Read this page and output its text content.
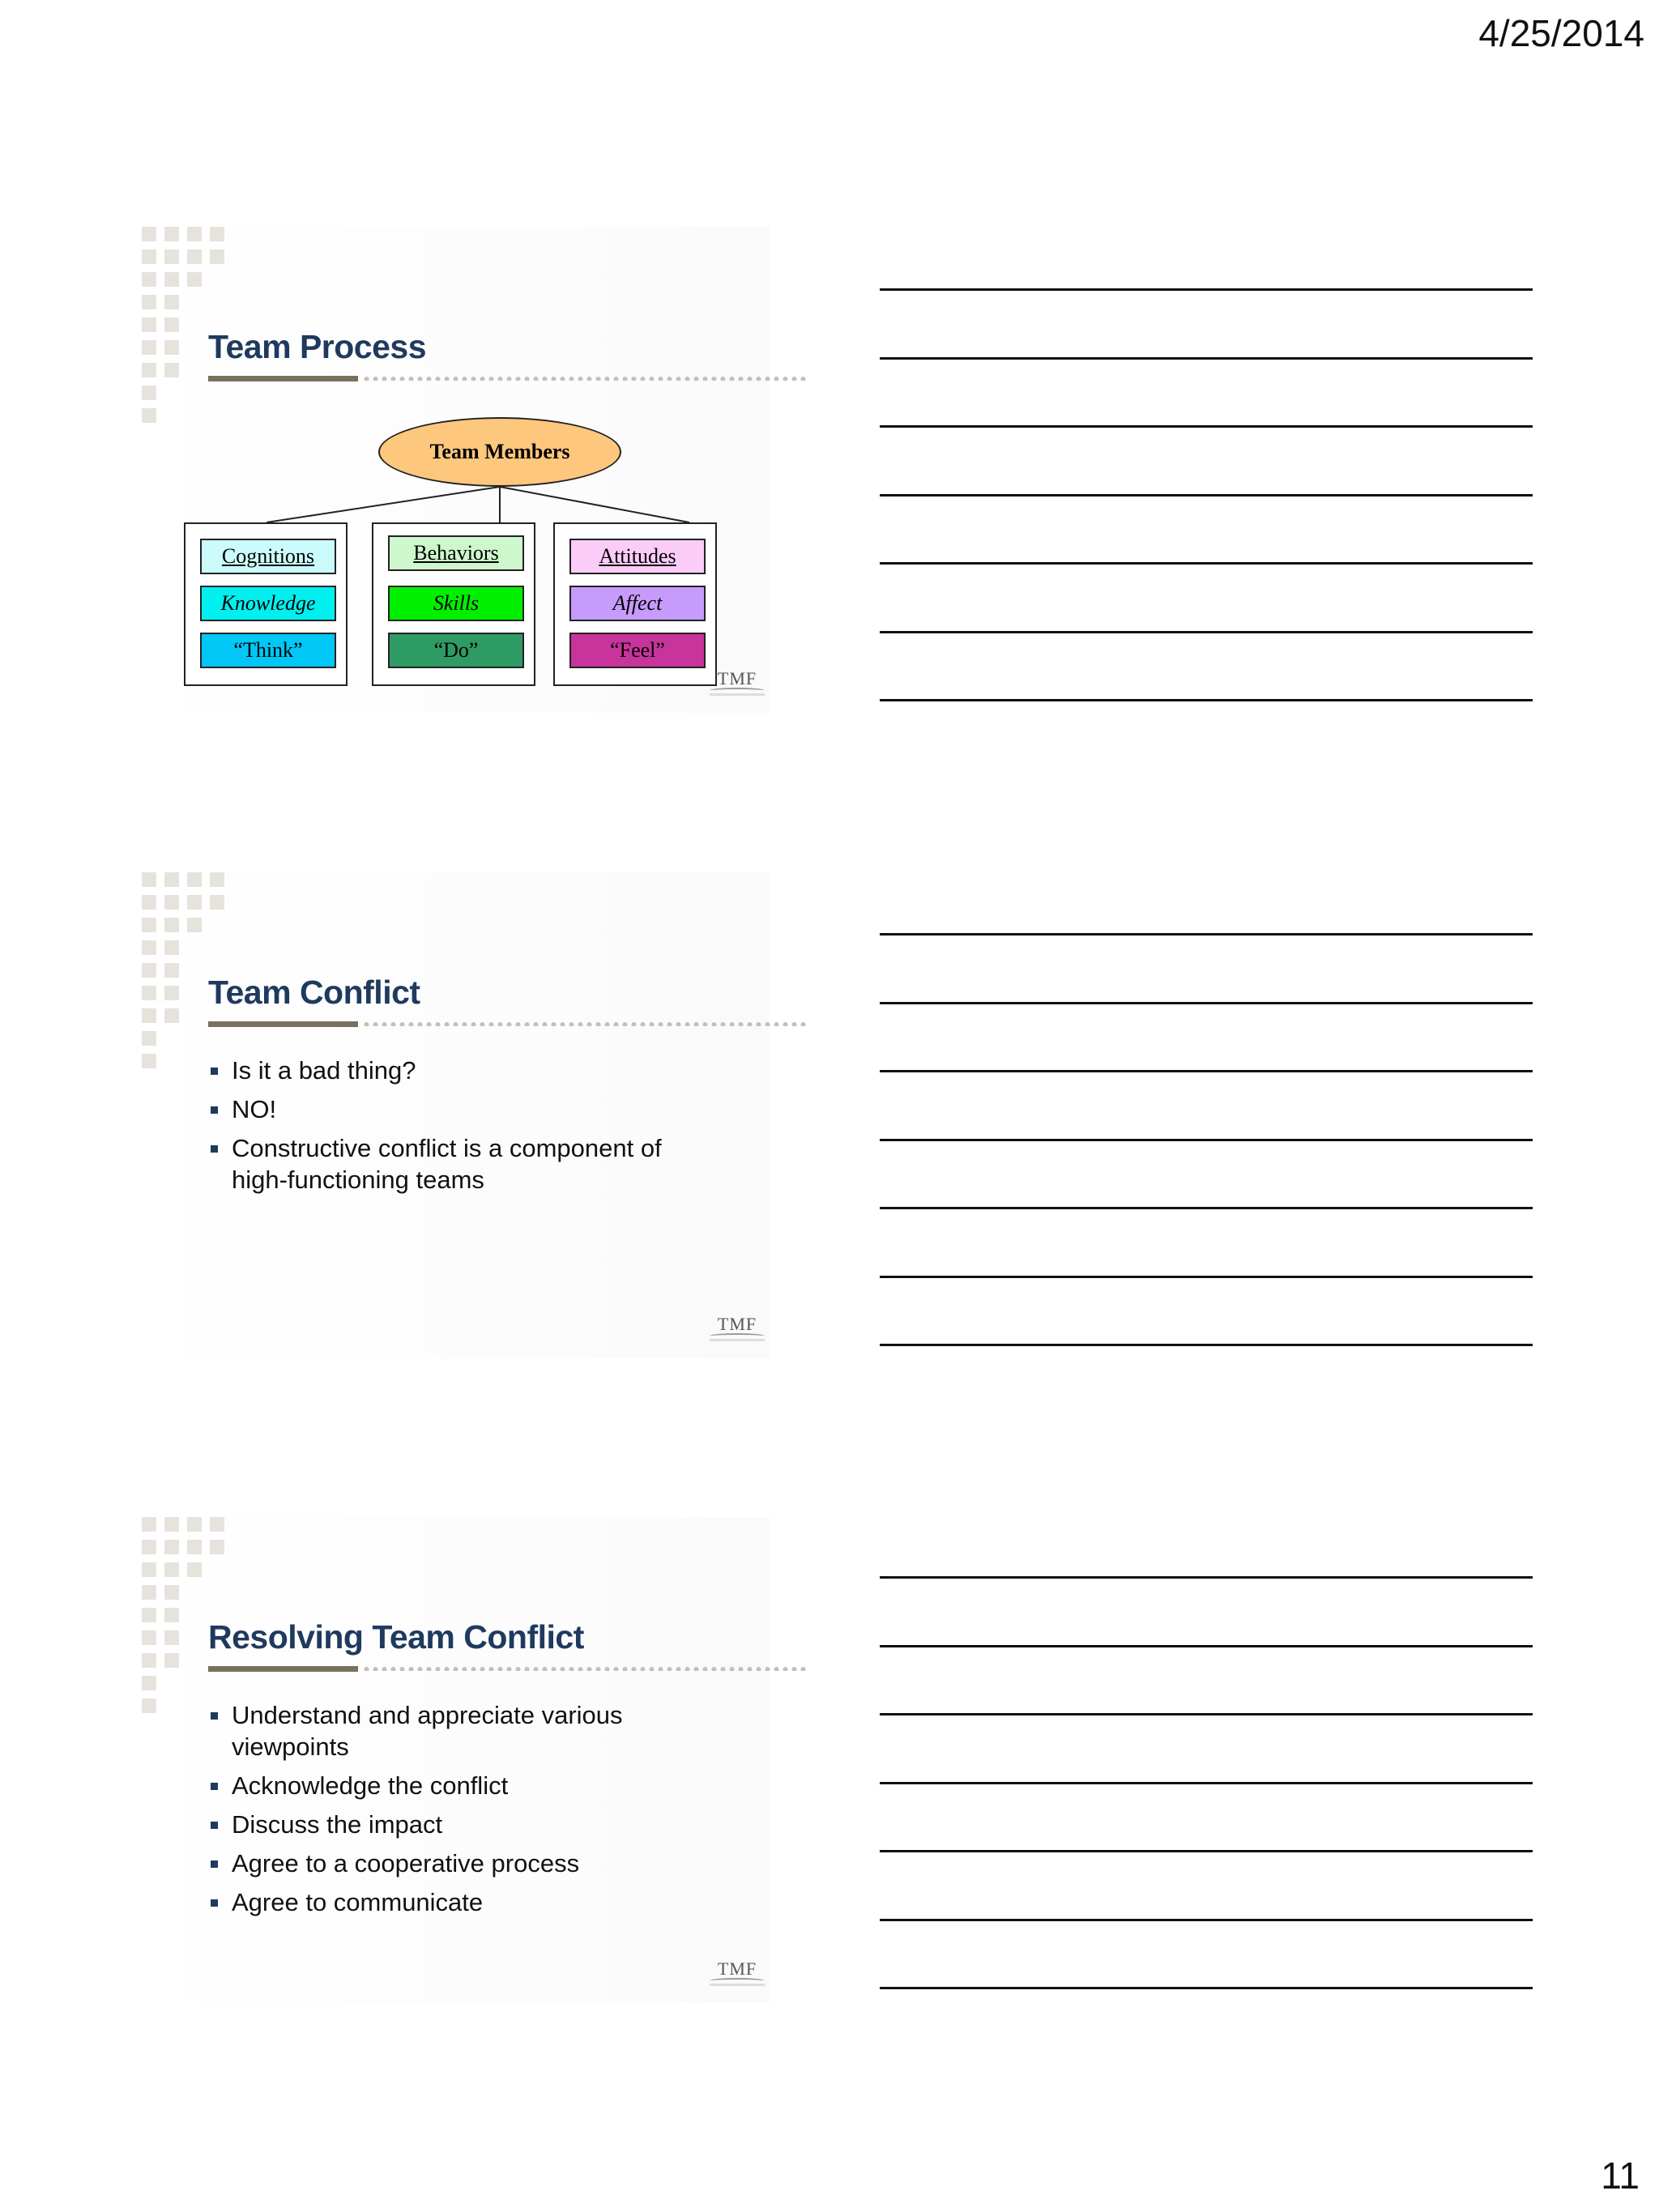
4/25/2014
Team Process
Team Members
Cognitions
Knowledge
“Think”
Behaviors
Skills
“Do”
Attitudes
Affect
“Feel”
TMF
Team Conflict
Is it a bad thing?
NO!
Constructive conflict is a component of high-functioning teams
TMF
Resolving Team Conflict
Understand and appreciate various viewpoints
Acknowledge the conflict
Discuss the impact
Agree to a cooperative process
Agree to communicate
TMF
11
